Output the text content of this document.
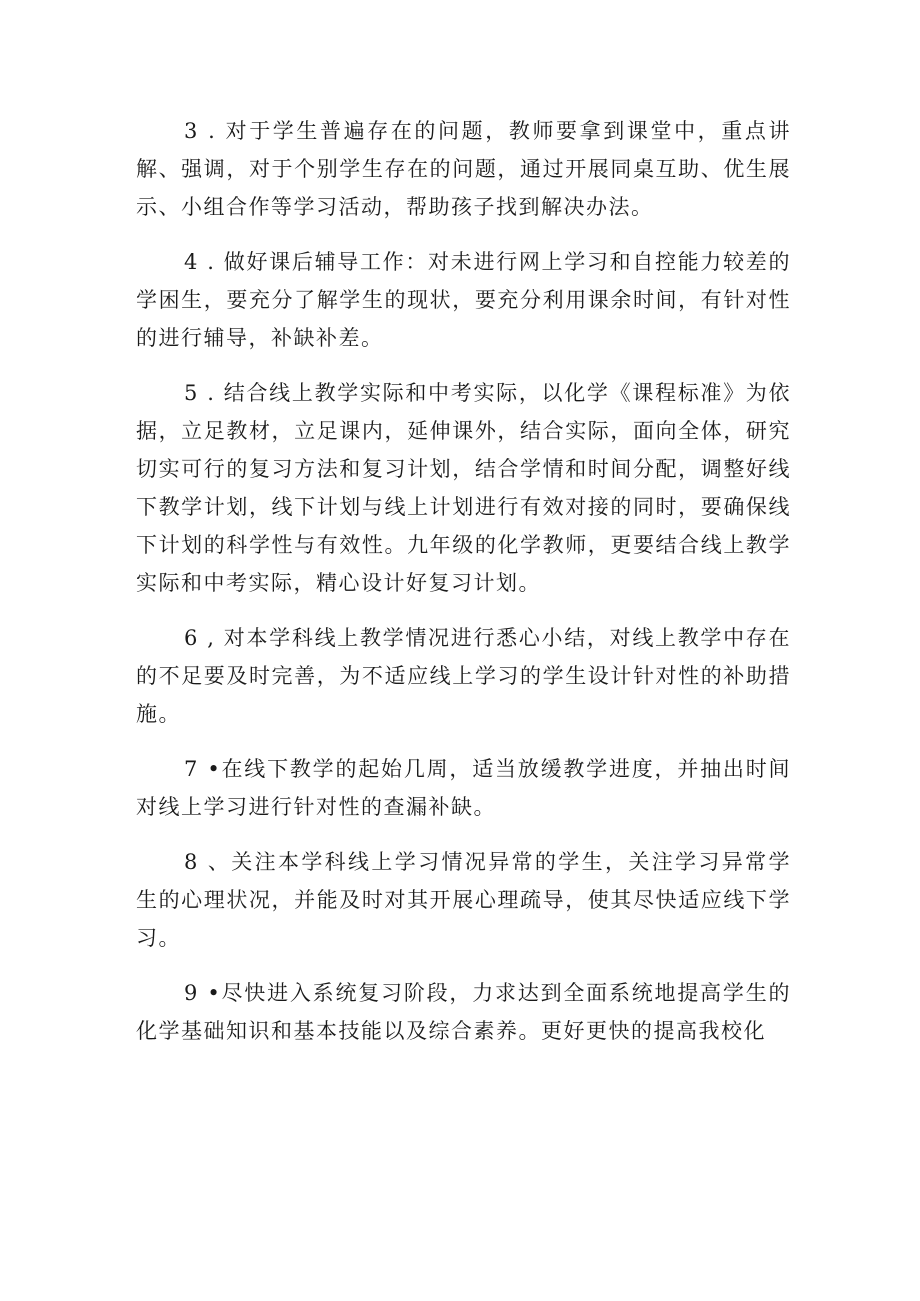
3 . 对于学生普遍存在的问题，教师要拿到课堂中，重点讲解、强调，对于个别学生存在的问题，通过开展同桌互助、优生展示、小组合作等学习活动，帮助孩子找到解决办法。

4 . 做好课后辅导工作：对未进行网上学习和自控能力较差的学困生，要充分了解学生的现状，要充分利用课余时间，有针对性的进行辅导，补缺补差。

5 . 结合线上教学实际和中考实际，以化学《课程标准》为依据，立足教材，立足课内，延伸课外，结合实际，面向全体，研究切实可行的复习方法和复习计划，结合学情和时间分配，调整好线下教学计划，线下计划与线上计划进行有效对接的同时，要确保线下计划的科学性与有效性。九年级的化学教师，更要结合线上教学实际和中考实际，精心设计好复习计划。

6 , 对本学科线上教学情况进行悉心小结，对线上教学中存在的不足要及时完善，为不适应线上学习的学生设计针对性的补助措施。

7 •在线下教学的起始几周，适当放缓教学进度，并抽出时间对线上学习进行针对性的查漏补缺。

8 、关注本学科线上学习情况异常的学生，关注学习异常学生的心理状况，并能及时对其开展心理疏导，使其尽快适应线下学习。

9 •尽快进入系统复习阶段，力求达到全面系统地提高学生的化学基础知识和基本技能以及综合素养。更好更快的提高我校化
